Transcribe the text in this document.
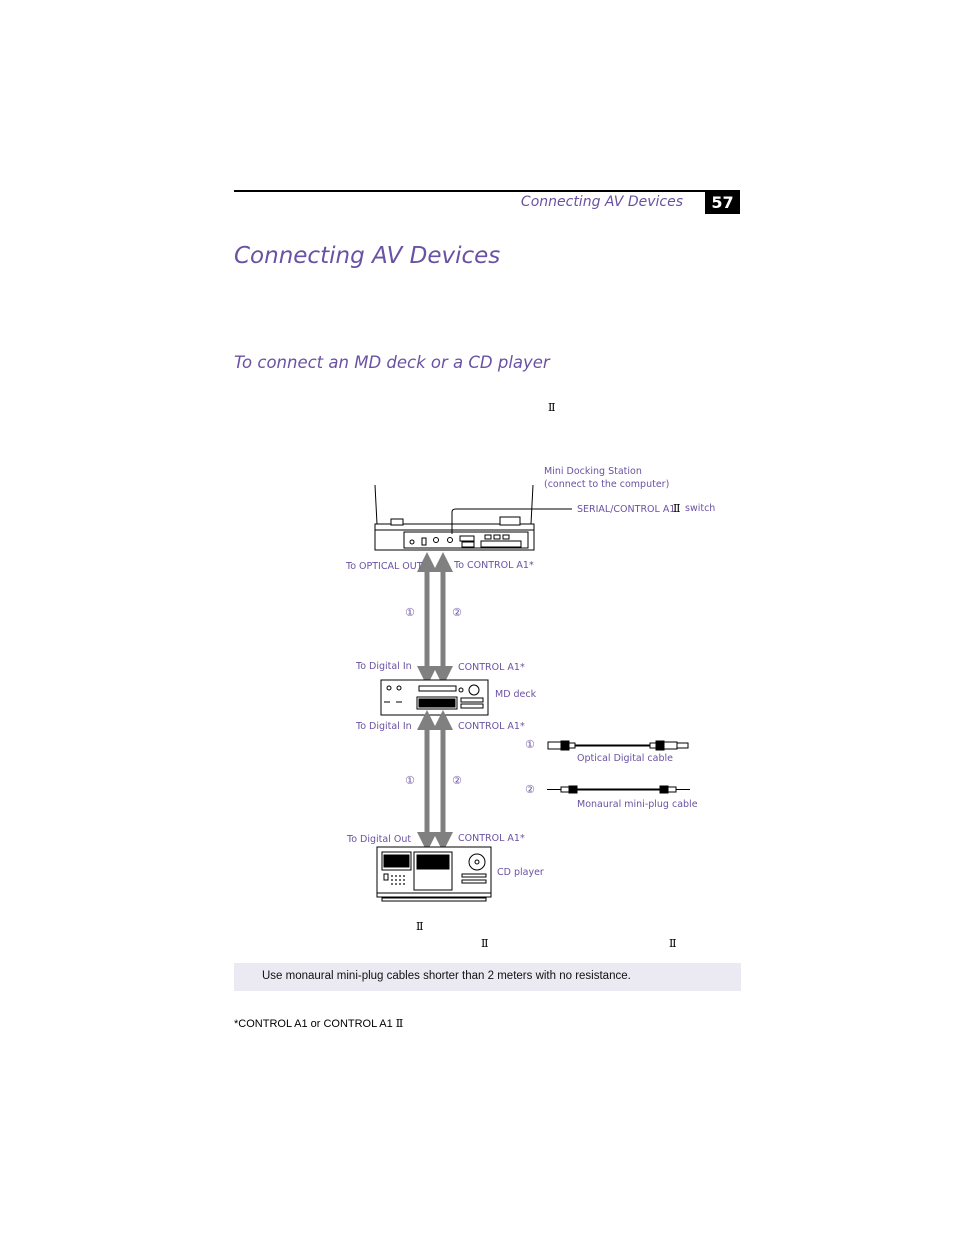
Connecting AV Devices	57
Connecting AV Devices
To connect an MD deck or a CD player
Ⅱ
Ⅱ
Ⅱ	Ⅱ
Mini Docking Station
(connect to the computer)
SERIAL/CONTROL A1
Ⅱ switch
To OPTICAL OUT	To CONTROL A1*
①	②
To Digital In	CONTROL A1*
MD deck
To Digital In	CONTROL A1*
①	②
To Digital Out	CONTROL A1*
CD player
①
Optical Digital cable
②
Monaural mini-plug cable
Use monaural mini-plug cables shorter than 2 meters with no resistance.
*CONTROL A1 or CONTROL A1 Ⅱ
